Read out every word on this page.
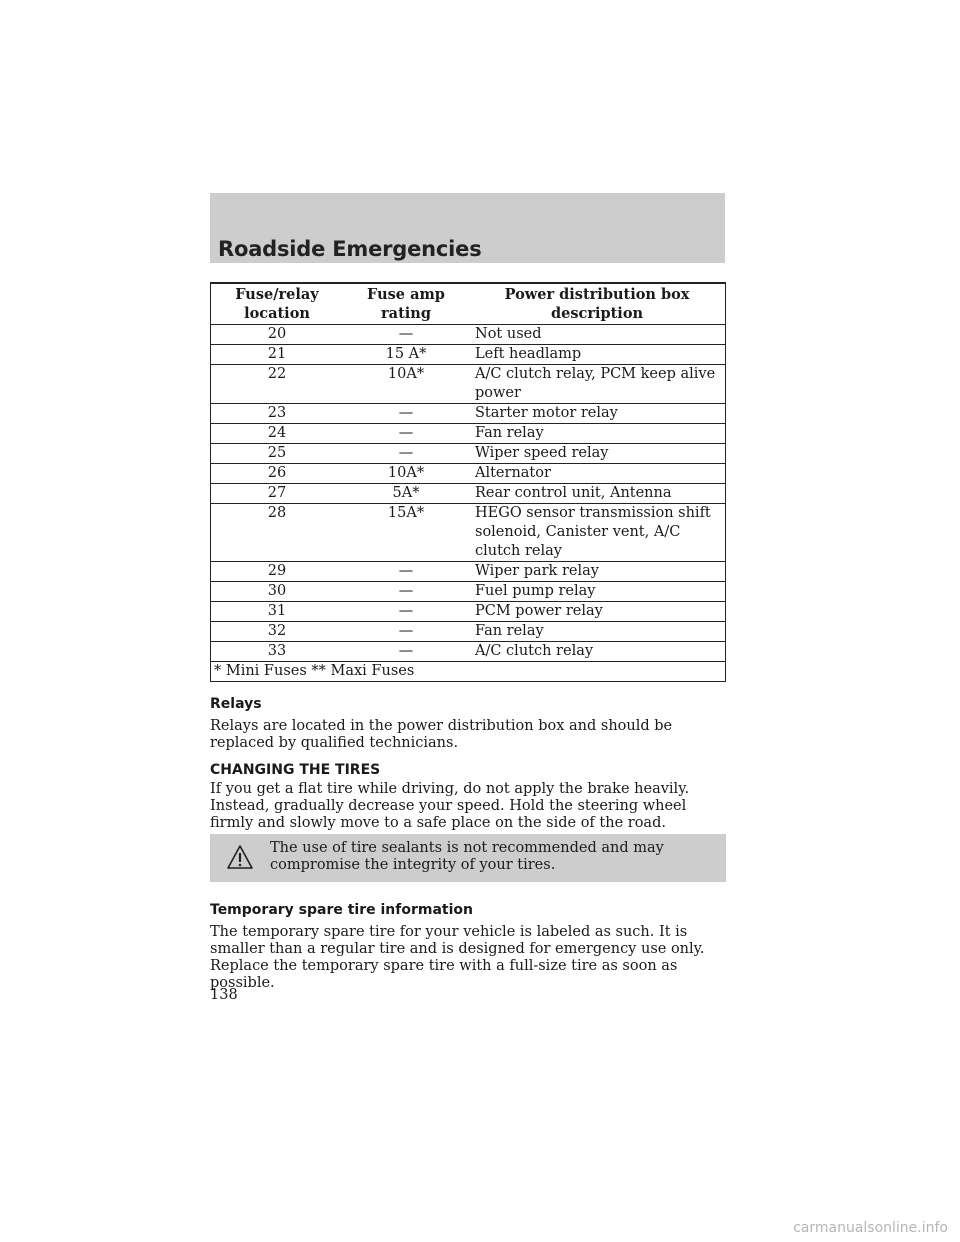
Roadside Emergencies
Fuse/relay location	Fuse amp rating	Power distribution box description
20	—	Not used
21	15 A*	Left headlamp
22	10A*	A/C clutch relay, PCM keep alive power
23	—	Starter motor relay
24	—	Fan relay
25	—	Wiper speed relay
26	10A*	Alternator
27	5A*	Rear control unit, Antenna
28	15A*	HEGO sensor transmission shift solenoid, Canister vent, A/C clutch relay
29	—	Wiper park relay
30	—	Fuel pump relay
31	—	PCM power relay
32	—	Fan relay
33	—	A/C clutch relay
* Mini Fuses ** Maxi Fuses		
Relays
Relays are located in the power distribution box and should be replaced by qualified technicians.
CHANGING THE TIRES
If you get a flat tire while driving, do not apply the brake heavily. Instead, gradually decrease your speed. Hold the steering wheel firmly and slowly move to a safe place on the side of the road.
The use of tire sealants is not recommended and may compromise the integrity of your tires.
Temporary spare tire information
The temporary spare tire for your vehicle is labeled as such. It is smaller than a regular tire and is designed for emergency use only. Replace the temporary spare tire with a full-size tire as soon as possible.
138
carmanualsonline.info
